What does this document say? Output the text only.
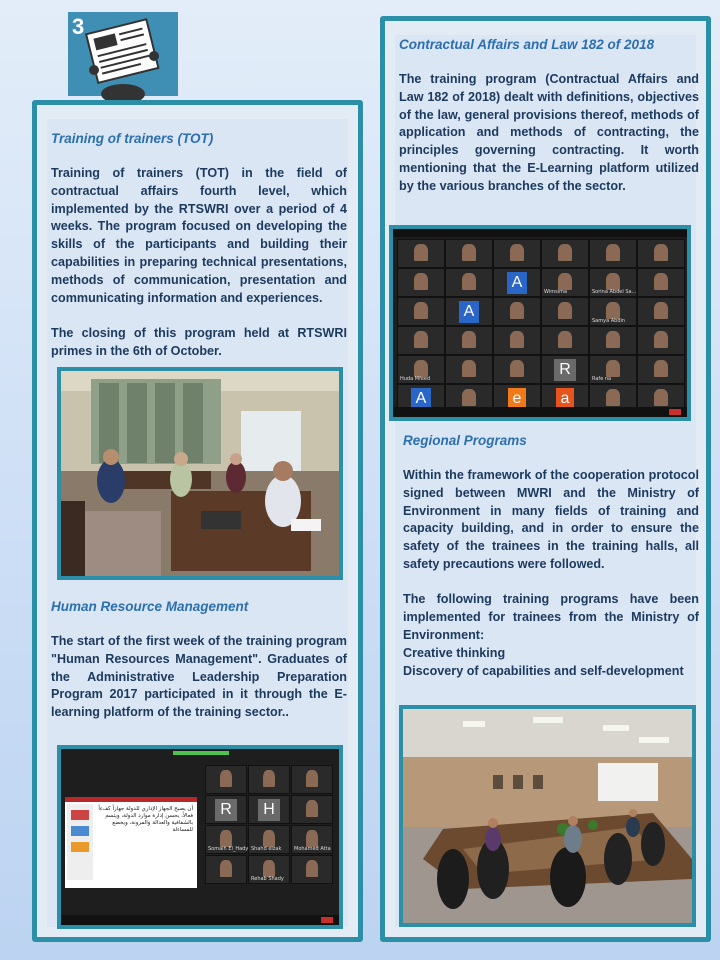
3
Training of trainers (TOT)
Training of trainers (TOT) in the field of contractual affairs fourth level, which implemented by the RTSWRI over a period of 4 weeks. The program focused on developing the skills of the participants and building their capabilities in preparing technical presentations, methods of communication, presentation and communicating information and experiences.
The closing of this program held at RTSWRI primes in the 6th of October.
Human Resource Management
The start of the first week of the training program "Human Resources Management". Graduates of the Administrative Leadership Preparation Program 2017 participated in it through the E-learning platform of the training sector..
أن يصبح الجهاز الإداري للدولة جهازاً كفءاً فعالاً، يحسن إدارة موارد الدولة، ويتسم بالشفافية والعدالة والمرونة، ويخضع للمساءلة
R	H
Somaih El_Hady Shahd elzak	Mohamed Atta
Rehab Shady
Contractual Affairs and Law 182 of 2018
The training program (Contractual Affairs and Law 182 of 2018) dealt with definitions, objectives of the law, general provisions thereof, methods of application and methods of contracting, the principles governing contracting. It worth mentioning that the E-Learning platform utilized by the various branches of the sector.
A
Wimsima	Sorina Abdel Sa...
A
Samya Abdin
Huda Mfeed
R
Rafe na
A	e	a
Regional Programs
Within the framework of the cooperation protocol signed between MWRI and the Ministry of Environment in many fields of training and capacity building, and in order to ensure the safety of the trainees in the training halls, all safety precautions were followed.
The following training programs have been implemented for trainees from the Ministry of Environment:
Creative thinking
Discovery of capabilities and self-development
